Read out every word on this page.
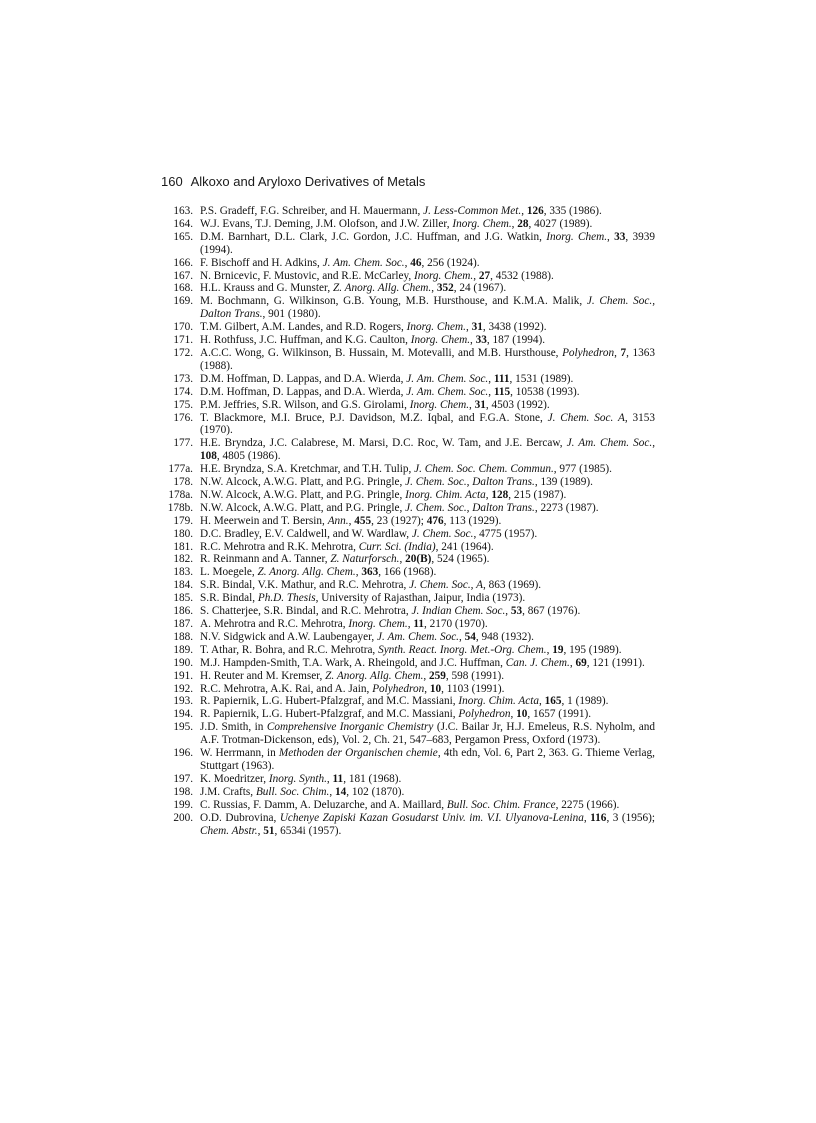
160 Alkoxo and Aryloxo Derivatives of Metals
163. P.S. Gradeff, F.G. Schreiber, and H. Mauermann, J. Less-Common Met., 126, 335 (1986).
164. W.J. Evans, T.J. Deming, J.M. Olofson, and J.W. Ziller, Inorg. Chem., 28, 4027 (1989).
165. D.M. Barnhart, D.L. Clark, J.C. Gordon, J.C. Huffman, and J.G. Watkin, Inorg. Chem., 33, 3939 (1994).
166. F. Bischoff and H. Adkins, J. Am. Chem. Soc., 46, 256 (1924).
167. N. Brnicevic, F. Mustovic, and R.E. McCarley, Inorg. Chem., 27, 4532 (1988).
168. H.L. Krauss and G. Munster, Z. Anorg. Allg. Chem., 352, 24 (1967).
169. M. Bochmann, G. Wilkinson, G.B. Young, M.B. Hursthouse, and K.M.A. Malik, J. Chem. Soc., Dalton Trans., 901 (1980).
170. T.M. Gilbert, A.M. Landes, and R.D. Rogers, Inorg. Chem., 31, 3438 (1992).
171. H. Rothfuss, J.C. Huffman, and K.G. Caulton, Inorg. Chem., 33, 187 (1994).
172. A.C.C. Wong, G. Wilkinson, B. Hussain, M. Motevalli, and M.B. Hursthouse, Polyhedron, 7, 1363 (1988).
173. D.M. Hoffman, D. Lappas, and D.A. Wierda, J. Am. Chem. Soc., 111, 1531 (1989).
174. D.M. Hoffman, D. Lappas, and D.A. Wierda, J. Am. Chem. Soc., 115, 10538 (1993).
175. P.M. Jeffries, S.R. Wilson, and G.S. Girolami, Inorg. Chem., 31, 4503 (1992).
176. T. Blackmore, M.I. Bruce, P.J. Davidson, M.Z. Iqbal, and F.G.A. Stone, J. Chem. Soc. A, 3153 (1970).
177. H.E. Bryndza, J.C. Calabrese, M. Marsi, D.C. Roc, W. Tam, and J.E. Bercaw, J. Am. Chem. Soc., 108, 4805 (1986).
177a. H.E. Bryndza, S.A. Kretchmar, and T.H. Tulip, J. Chem. Soc. Chem. Commun., 977 (1985).
178. N.W. Alcock, A.W.G. Platt, and P.G. Pringle, J. Chem. Soc., Dalton Trans., 139 (1989).
178a. N.W. Alcock, A.W.G. Platt, and P.G. Pringle, Inorg. Chim. Acta, 128, 215 (1987).
178b. N.W. Alcock, A.W.G. Platt, and P.G. Pringle, J. Chem. Soc., Dalton Trans., 2273 (1987).
179. H. Meerwein and T. Bersin, Ann., 455, 23 (1927); 476, 113 (1929).
180. D.C. Bradley, E.V. Caldwell, and W. Wardlaw, J. Chem. Soc., 4775 (1957).
181. R.C. Mehrotra and R.K. Mehrotra, Curr. Sci. (India), 241 (1964).
182. R. Reinmann and A. Tanner, Z. Naturforsch., 20(B), 524 (1965).
183. L. Moegele, Z. Anorg. Allg. Chem., 363, 166 (1968).
184. S.R. Bindal, V.K. Mathur, and R.C. Mehrotra, J. Chem. Soc., A, 863 (1969).
185. S.R. Bindal, Ph.D. Thesis, University of Rajasthan, Jaipur, India (1973).
186. S. Chatterjee, S.R. Bindal, and R.C. Mehrotra, J. Indian Chem. Soc., 53, 867 (1976).
187. A. Mehrotra and R.C. Mehrotra, Inorg. Chem., 11, 2170 (1970).
188. N.V. Sidgwick and A.W. Laubengayer, J. Am. Chem. Soc., 54, 948 (1932).
189. T. Athar, R. Bohra, and R.C. Mehrotra, Synth. React. Inorg. Met.-Org. Chem., 19, 195 (1989).
190. M.J. Hampden-Smith, T.A. Wark, A. Rheingold, and J.C. Huffman, Can. J. Chem., 69, 121 (1991).
191. H. Reuter and M. Kremser, Z. Anorg. Allg. Chem., 259, 598 (1991).
192. R.C. Mehrotra, A.K. Rai, and A. Jain, Polyhedron, 10, 1103 (1991).
193. R. Papiernik, L.G. Hubert-Pfalzgraf, and M.C. Massiani, Inorg. Chim. Acta, 165, 1 (1989).
194. R. Papiernik, L.G. Hubert-Pfalzgraf, and M.C. Massiani, Polyhedron, 10, 1657 (1991).
195. J.D. Smith, in Comprehensive Inorganic Chemistry (J.C. Bailar Jr, H.J. Emeleus, R.S. Nyholm, and A.F. Trotman-Dickenson, eds), Vol. 2, Ch. 21, 547–683, Pergamon Press, Oxford (1973).
196. W. Herrmann, in Methoden der Organischen chemie, 4th edn, Vol. 6, Part 2, 363. G. Thieme Verlag, Stuttgart (1963).
197. K. Moedritzer, Inorg. Synth., 11, 181 (1968).
198. J.M. Crafts, Bull. Soc. Chim., 14, 102 (1870).
199. C. Russias, F. Damm, A. Deluzarche, and A. Maillard, Bull. Soc. Chim. France, 2275 (1966).
200. O.D. Dubrovina, Uchenye Zapiski Kazan Gosudarst Univ. im. V.I. Ulyanova-Lenina, 116, 3 (1956); Chem. Abstr., 51, 6534i (1957).
